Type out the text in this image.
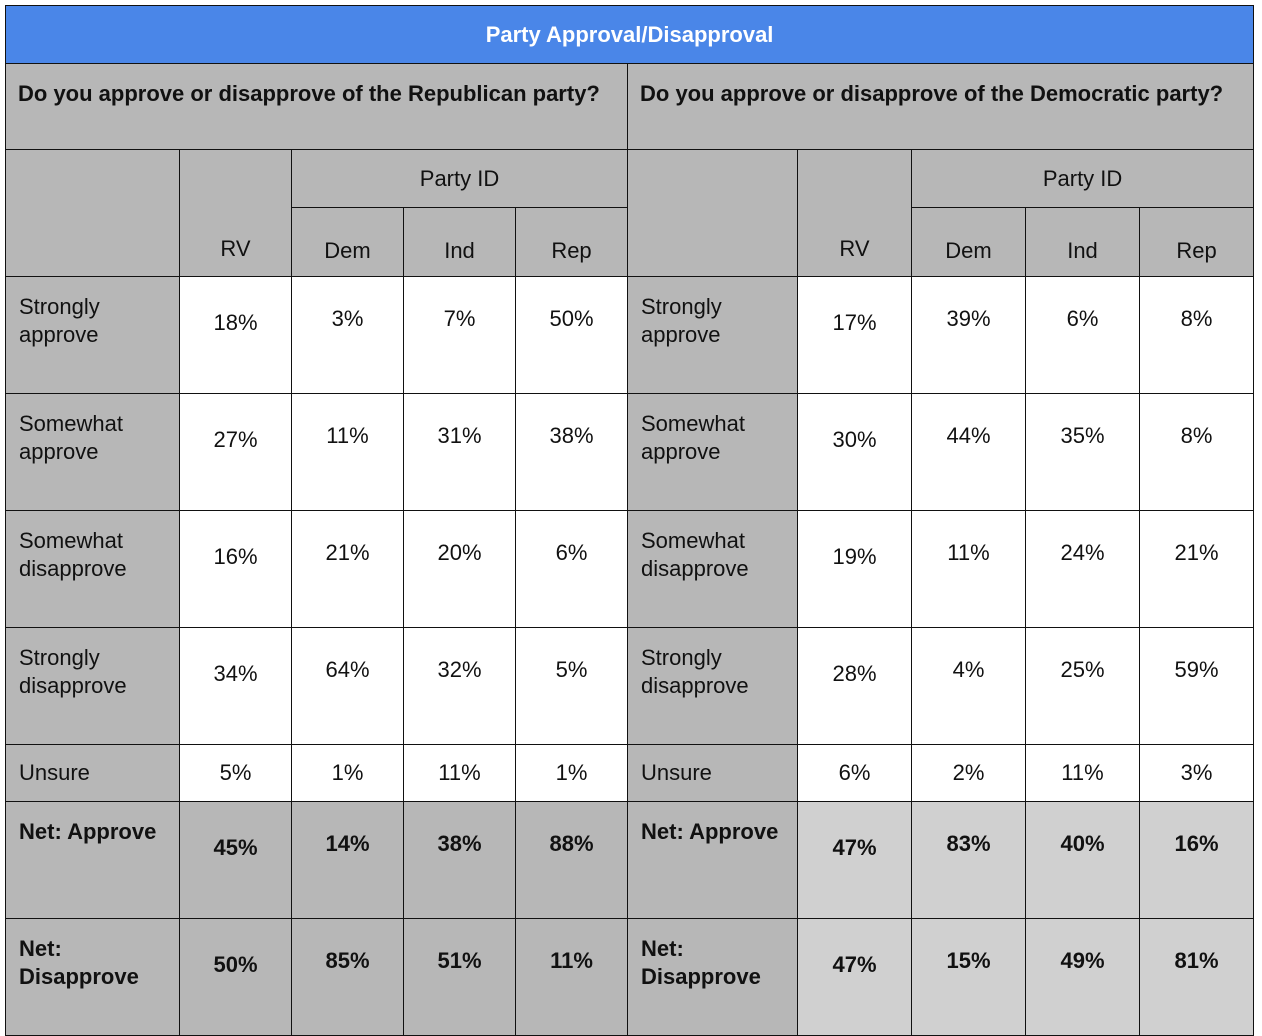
Party Approval/Disapproval									
Do you approve or disapprove of the Republican party?					Do you approve or disapprove of the Democratic party?				
	RV	Party ID				RV	Party ID		
		Dem	Ind	Rep			Dem	Ind	Rep
Strongly approve	18%	3%	7%	50%	Strongly approve	17%	39%	6%	8%
Somewhat approve	27%	11%	31%	38%	Somewhat approve	30%	44%	35%	8%
Somewhat disapprove	16%	21%	20%	6%	Somewhat disapprove	19%	11%	24%	21%
Strongly disapprove	34%	64%	32%	5%	Strongly disapprove	28%	4%	25%	59%
Unsure	5%	1%	11%	1%	Unsure	6%	2%	11%	3%
Net: Approve	45%	14%	38%	88%	Net: Approve	47%	83%	40%	16%
Net: Disapprove	50%	85%	51%	11%	Net: Disapprove	47%	15%	49%	81%
